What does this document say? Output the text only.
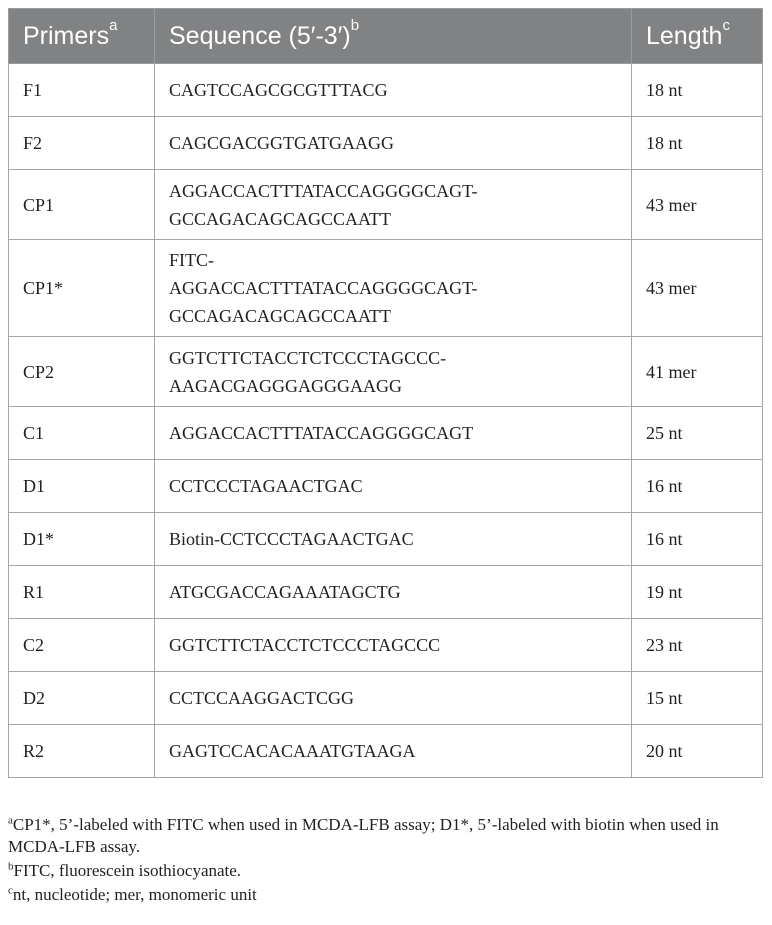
Primers$^a$	Sequence $(5'-3')^b$	Length$^c$
F1	CAGTCCAGCGCGTTTACG	18 nt
F2	CAGCGACGGTGATGAAGG	18 nt
CP1	AGGACCACTTTATACCAGGGGCAGT-
GCCAGACAGCAGCCAATT	43 mer
CP1*	FITC-
AGGACCACTTTATACCAGGGGCAGT-
GCCAGACAGCAGCCAATT	43 mer
CP2	GGTCTTCTACCTCTCCCTAGCCC-
AAGACGAGGGAGGGAAGG	41 mer
C1	AGGACCACTTTATACCAGGGGCAGT	25 nt
D1	CCTCCCTAGAACTGAC	16 nt
D1*	Biotin-CCTCCCTAGAACTGAC	16 nt
R1	ATGCGACCAGAAATAGCTG	19 nt
C2	GGTCTTCTACCTCTCCCTAGCCC	23 nt
D2	CCTCCAAGGACTCGG	15 nt
R2	GAGTCCACACAAATGTAAGA	20 nt

$^a$CP1*, 5’-labeled with FITC when used in MCDA-LFB assay; D1*, 5’-labeled with biotin when used in MCDA-LFB assay.

$^b$FITC, fluorescein isothiocyanate.

$^c$nt, nucleotide; mer, monomeric unit
